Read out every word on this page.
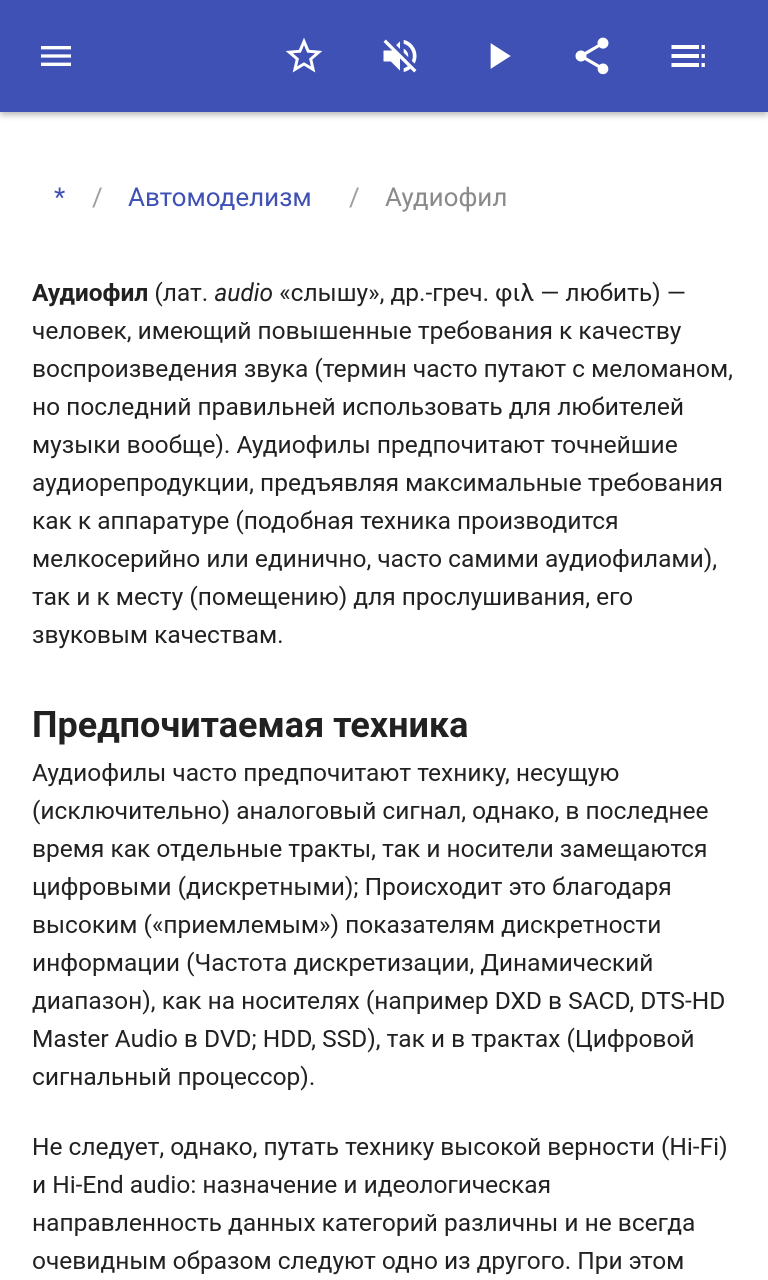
* / Автомоделизм / Аудиофил

Аудиофил (лат. audio «слышу», др.-греч. φιλ — любить) — человек, имеющий повышенные требования к качеству воспроизведения звука (термин часто путают с меломаном, но последний правильней использовать для любителей музыки вообще). Аудиофилы предпочитают точнейшие аудиорепродукции, предъявляя максимальные требования как к аппаратуре (подобная техника производится мелкосерийно или единично, часто самими аудиофилами), так и к месту (помещению) для прослушивания, его звуковым качествам.

Предпочитаемая техника

Аудиофилы часто предпочитают технику, несущую (исключительно) аналоговый сигнал, однако, в последнее время как отдельные тракты, так и носители замещаются цифровыми (дискретными); Происходит это благодаря высоким («приемлемым») показателям дискретности информации (Частота дискретизации, Динамический диапазон), как на носителях (например DXD в SACD, DTS-HD Master Audio в DVD; HDD, SSD), так и в трактах (Цифровой сигнальный процессор).

Не следует, однако, путать технику высокой верности (Hi-Fi) и Hi-End audio: назначение и идеологическая направленность данных категорий различны и не всегда очевидным образом следуют одно из другого. При этом
